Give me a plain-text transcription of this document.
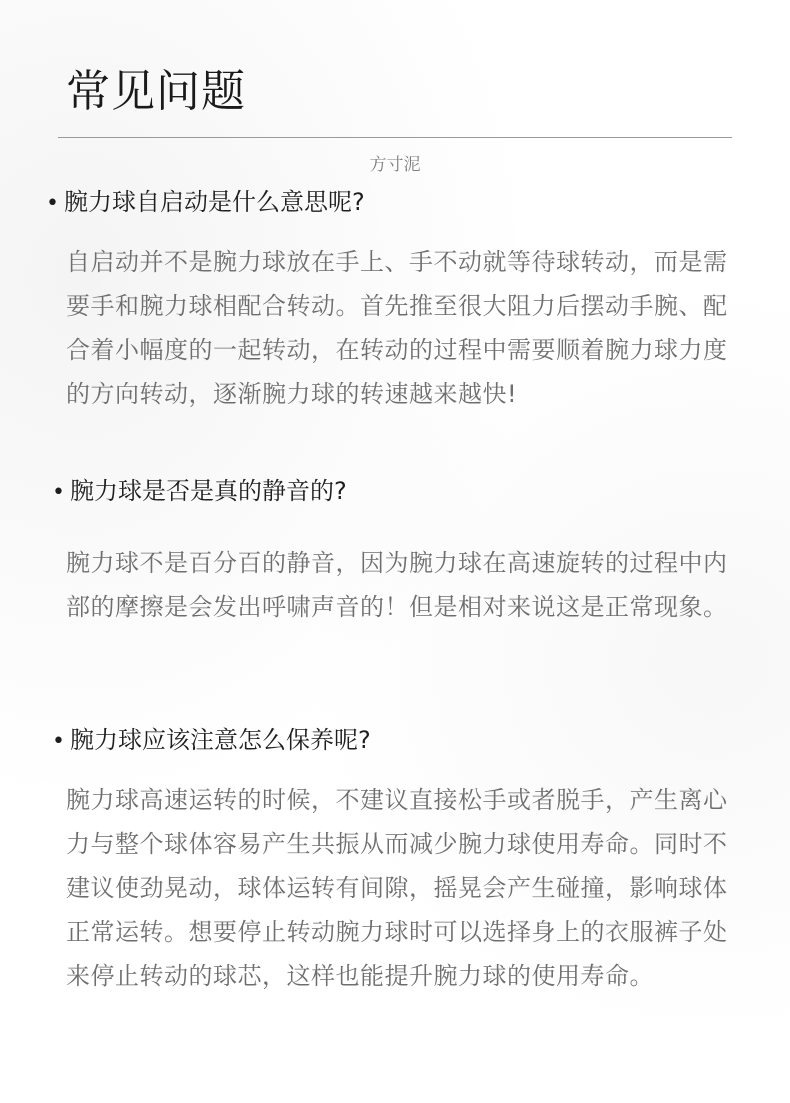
常见问题
方寸泥
• 腕力球自启动是什么意思呢?

自启动并不是腕力球放在手上、手不动就等待球转动，而是需要手和腕力球相配合转动。首先推至很大阻力后摆动手腕、配合着小幅度的一起转动，在转动的过程中需要顺着腕力球力度的方向转动，逐渐腕力球的转速越来越快!

• 腕力球是否是真的静音的?

腕力球不是百分百的静音，因为腕力球在高速旋转的过程中内部的摩擦是会发出呼啸声音的！但是相对来说这是正常现象。

• 腕力球应该注意怎么保养呢?

腕力球高速运转的时候，不建议直接松手或者脱手，产生离心力与整个球体容易产生共振从而减少腕力球使用寿命。同时不建议使劲晃动，球体运转有间隙，摇晃会产生碰撞，影响球体正常运转。想要停止转动腕力球时可以选择身上的衣服裤子处来停止转动的球芯，这样也能提升腕力球的使用寿命。
